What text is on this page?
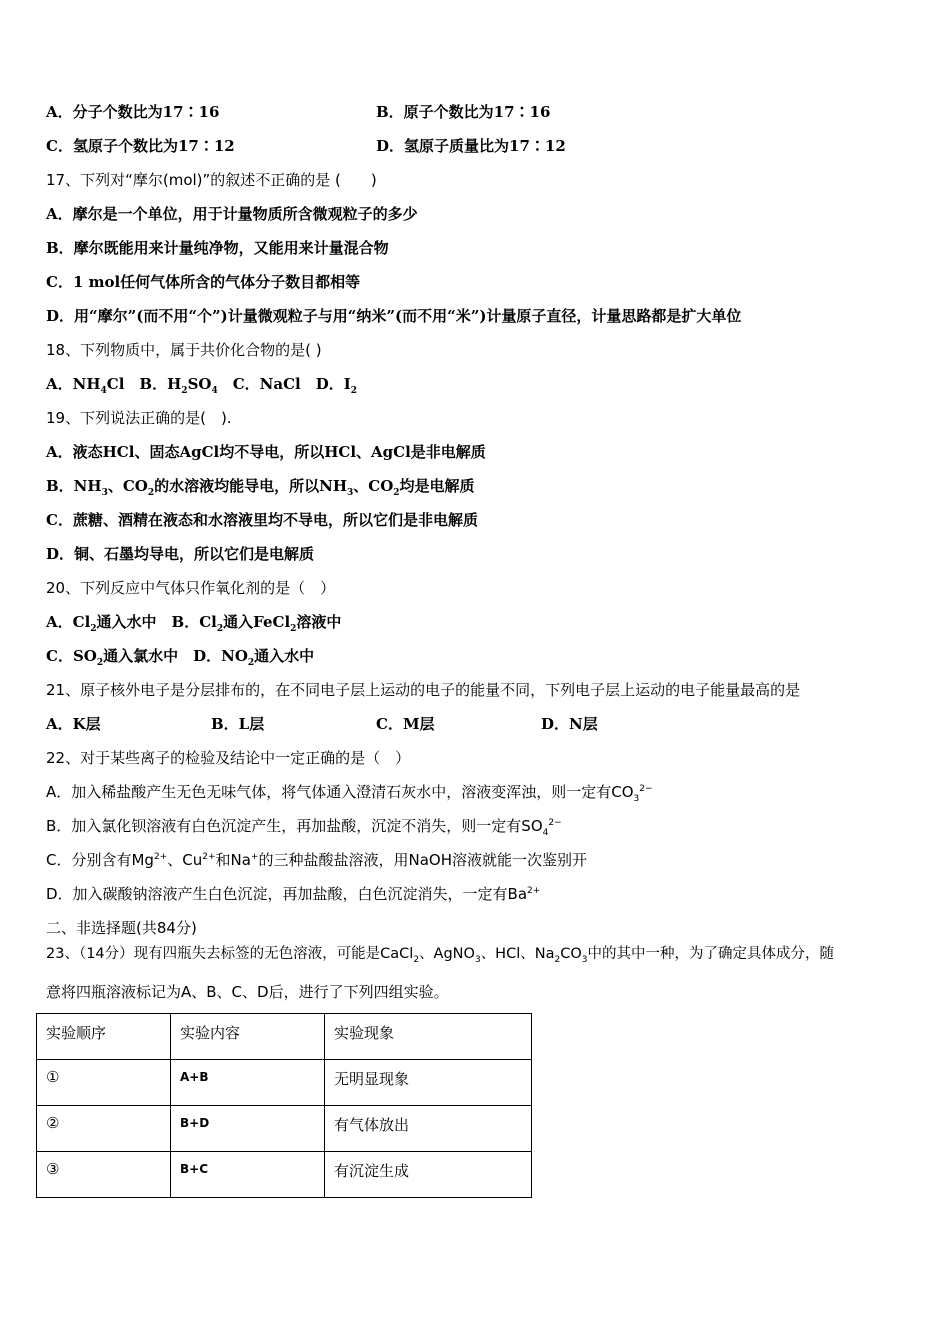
A．分子个数比为17∶16	B．原子个数比为17∶16
C．氢原子个数比为17∶12	D．氢原子质量比为17∶12
17、下列对“摩尔(mol)”的叙述不正确的是 (　　)
A．摩尔是一个单位，用于计量物质所含微观粒子的多少
B．摩尔既能用来计量纯净物，又能用来计量混合物
C．1 mol任何气体所含的气体分子数目都相等
D．用“摩尔”(而不用“个”)计量微观粒子与用“纳米”(而不用“米”)计量原子直径，计量思路都是扩大单位
18、下列物质中，属于共价化合物的是( )
A．$NH_4Cl$　B．$H_2SO_4$　C．NaCl　D．$I_2$
19、下列说法正确的是(　).
A．液态HCl、固态AgCl均不导电，所以HCl、AgCl是非电解质
B．$NH_3$、$CO_2$的水溶液均能导电，所以$NH_3$、$CO_2$均是电解质
C．蔗糖、酒精在液态和水溶液里均不导电，所以它们是非电解质
D．铜、石墨均导电，所以它们是电解质
20、下列反应中气体只作氧化剂的是（　）
A．$Cl_2$通入水中　B．$Cl_2$通入FeCl$_2$溶液中
C．$SO_2$通入氯水中　D．$NO_2$通入水中
21、原子核外电子是分层排布的，在不同电子层上运动的电子的能量不同，下列电子层上运动的电子能量最高的是
A．K层	B．L层	C．M层	D．N层
22、对于某些离子的检验及结论中一定正确的是（　）
A．加入稀盐酸产生无色无味气体，将气体通入澄清石灰水中，溶液变浑浊，则一定有$CO_3^{2-}$
B．加入氯化钡溶液有白色沉淀产生，再加盐酸，沉淀不消失，则一定有$SO_4^{2-}$
C．分别含有$Mg^{2+}$、$Cu^{2+}$和Na+的三种盐酸盐溶液，用NaOH溶液就能一次鉴别开
D．加入碳酸钠溶液产生白色沉淀，再加盐酸，白色沉淀消失，一定有$Ba^{2+}$
二、非选择题(共84分)
23、（14分）现有四瓶失去标签的无色溶液，可能是CaCl$_2$、AgNO$_3$、HCl、$Na_2CO_3$中的其中一种，为了确定具体成分，随
意将四瓶溶液标记为A、B、C、D后，进行了下列四组实验。
实验顺序	实验内容	实验现象
①	A+B	无明显现象
②	B+D	有气体放出
③	B+C	有沉淀生成
